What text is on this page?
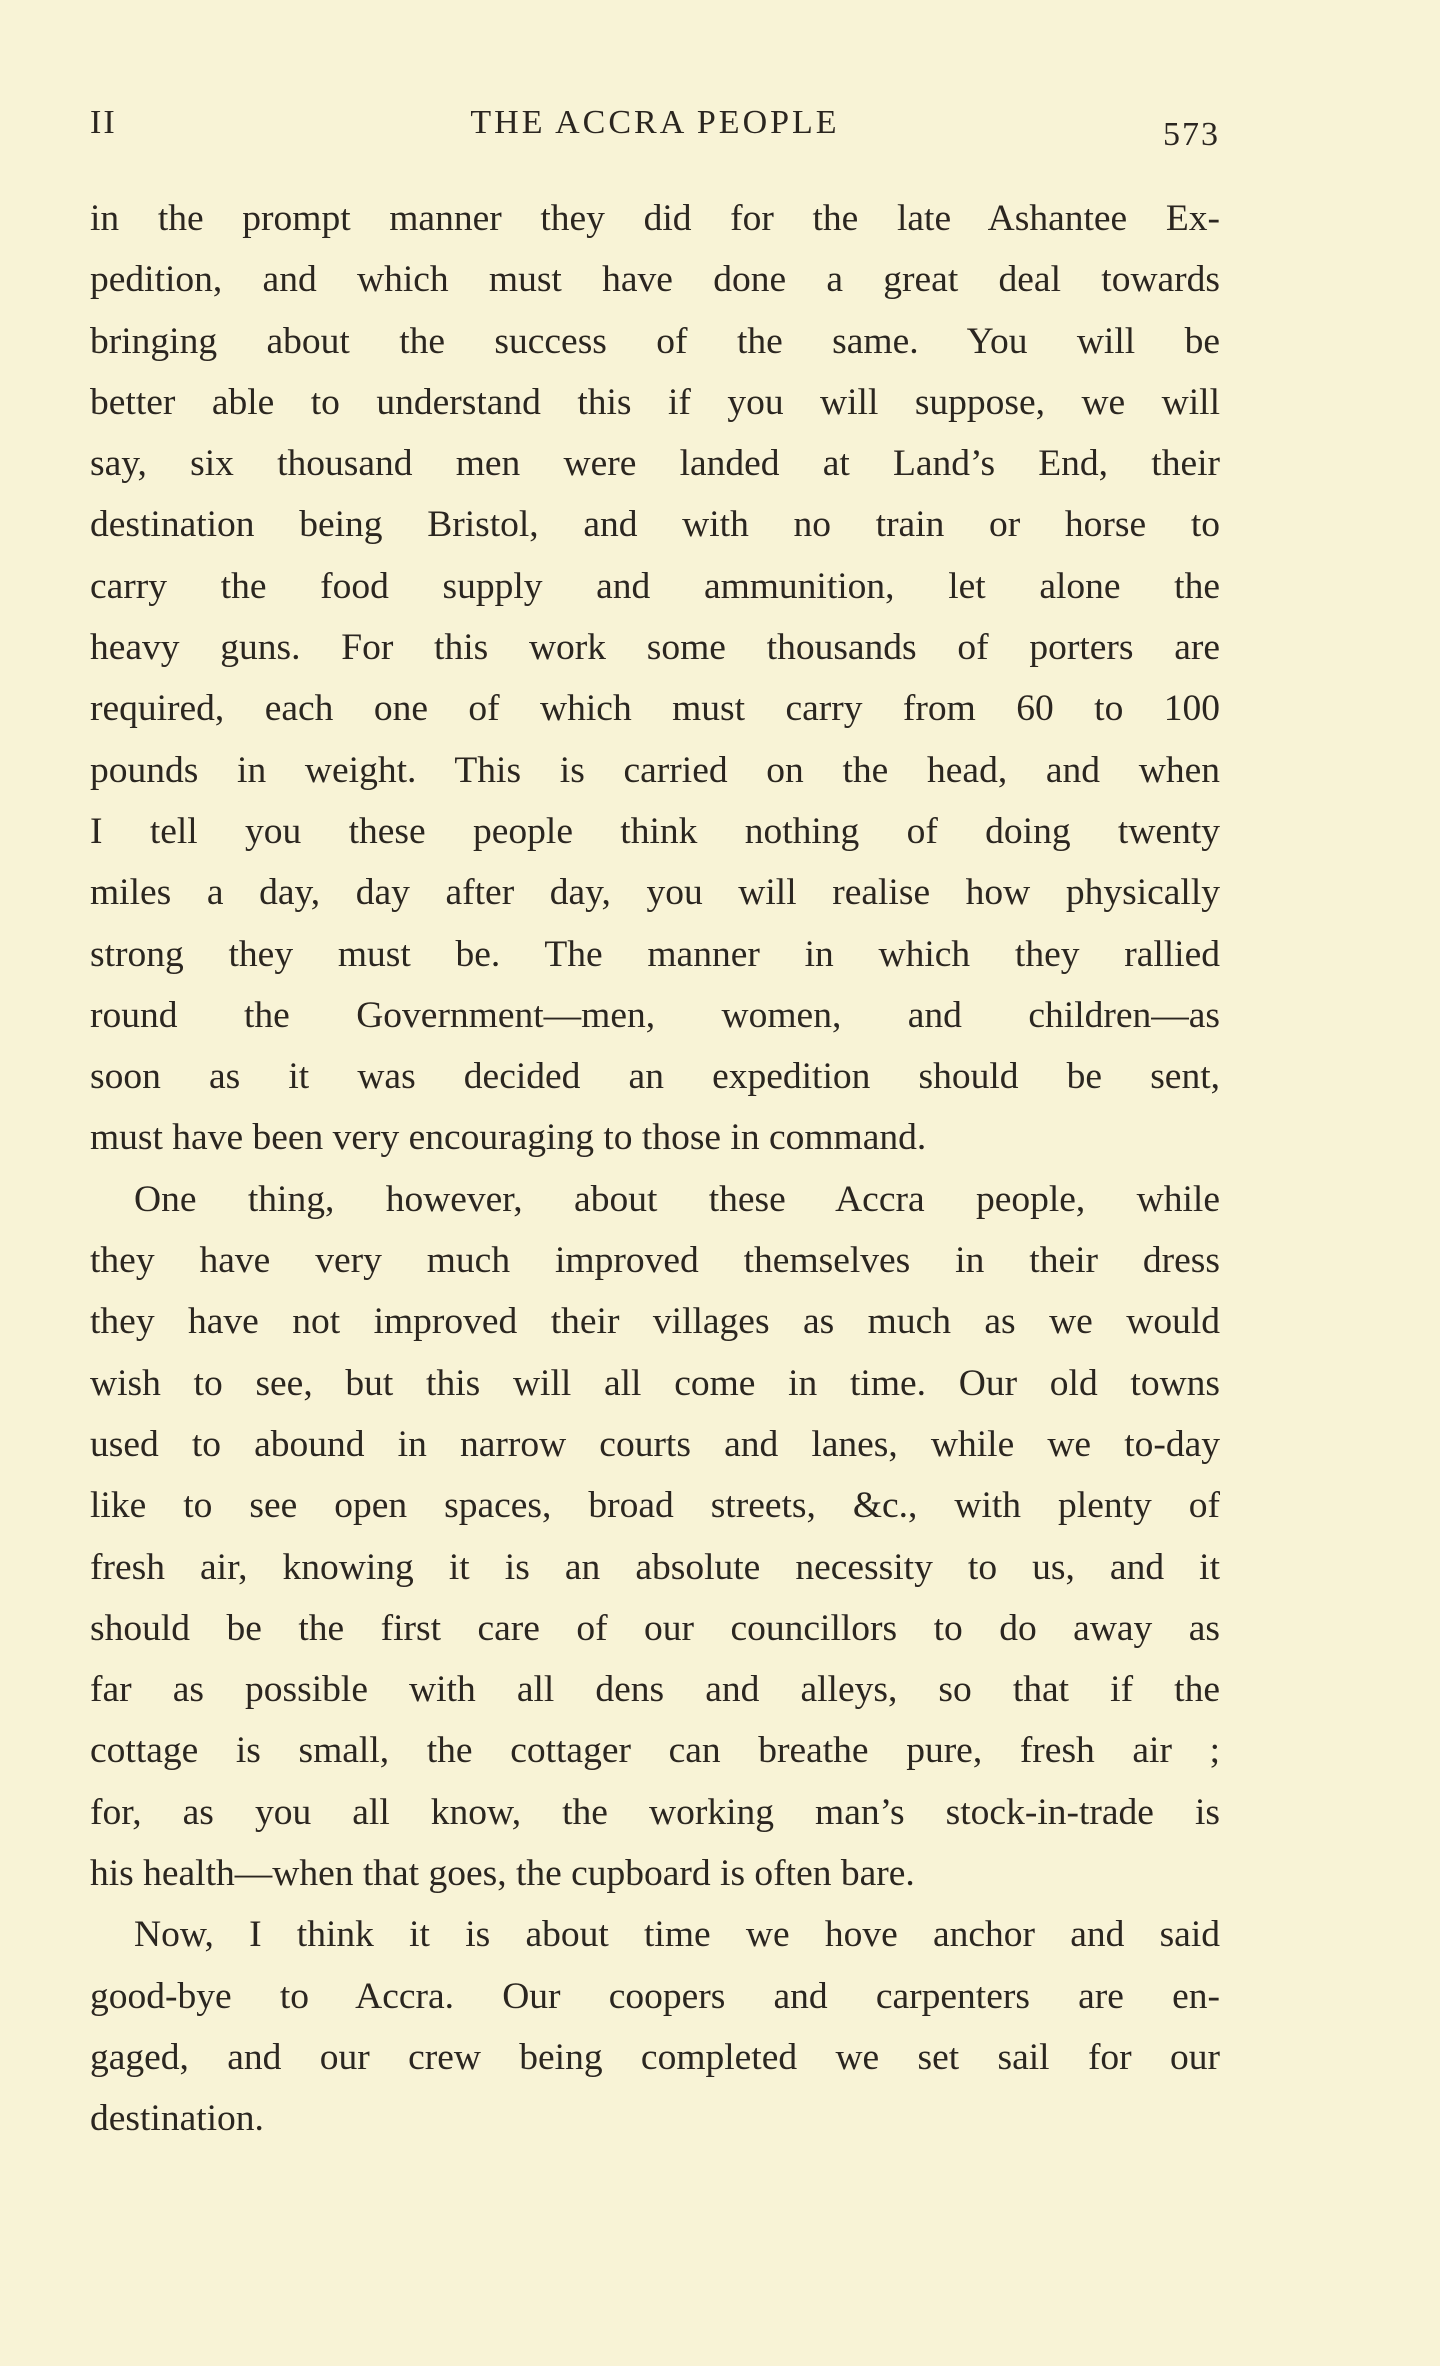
II	THE ACCRA PEOPLE	573
in the prompt manner they did for the late Ashantee Ex-
pedition, and which must have done a great deal towards
bringing about the success of the same. You will be
better able to understand this if you will suppose, we will
say, six thousand men were landed at Land’s End, their
destination being Bristol, and with no train or horse to
carry the food supply and ammunition, let alone the
heavy guns. For this work some thousands of porters are
required, each one of which must carry from 60 to 100
pounds in weight. This is carried on the head, and when
I tell you these people think nothing of doing twenty
miles a day, day after day, you will realise how physically
strong they must be. The manner in which they rallied
round the Government—men, women, and children—as
soon as it was decided an expedition should be sent,
must have been very encouraging to those in command.
One thing, however, about these Accra people, while
they have very much improved themselves in their dress
they have not improved their villages as much as we would
wish to see, but this will all come in time. Our old towns
used to abound in narrow courts and lanes, while we to-day
like to see open spaces, broad streets, &c., with plenty of
fresh air, knowing it is an absolute necessity to us, and it
should be the first care of our councillors to do away as
far as possible with all dens and alleys, so that if the
cottage is small, the cottager can breathe pure, fresh air ;
for, as you all know, the working man’s stock-in-trade is
his health—when that goes, the cupboard is often bare.
Now, I think it is about time we hove anchor and said
good-bye to Accra. Our coopers and carpenters are en-
gaged, and our crew being completed we set sail for our
destination.
